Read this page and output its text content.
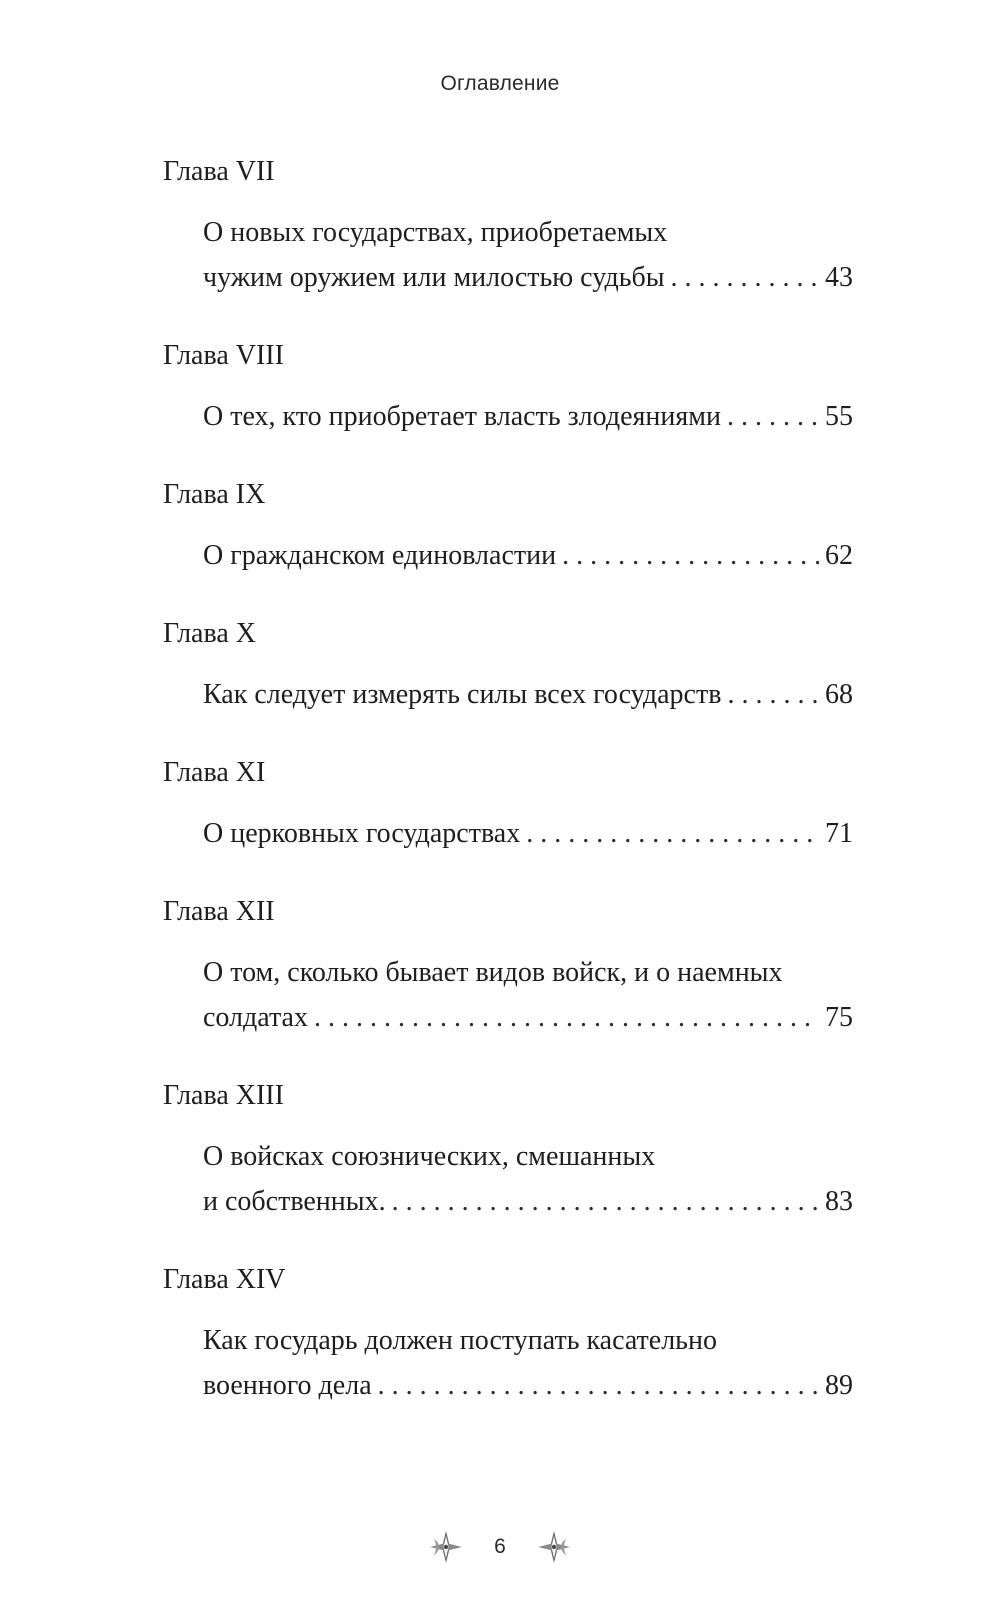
Оглавление
Глава VII
О новых государствах, приобретаемых
чужим оружием или милостью судьбы . . .	43
Глава VIII
О тех, кто приобретает власть злодеяниями . . .	55
Глава IX
О гражданском единовластии . . .	62
Глава X
Как следует измерять силы всех государств . . .	68
Глава XI
О церковных государствах . . .	71
Глава XII
О том, сколько бывает видов войск, и о наемных
солдатах . . .	75
Глава XIII
О войсках союзнических, смешанных
и собственных. . . .	83
Глава XIV
Как государь должен поступать касательно
военного дела . . .	89
6
